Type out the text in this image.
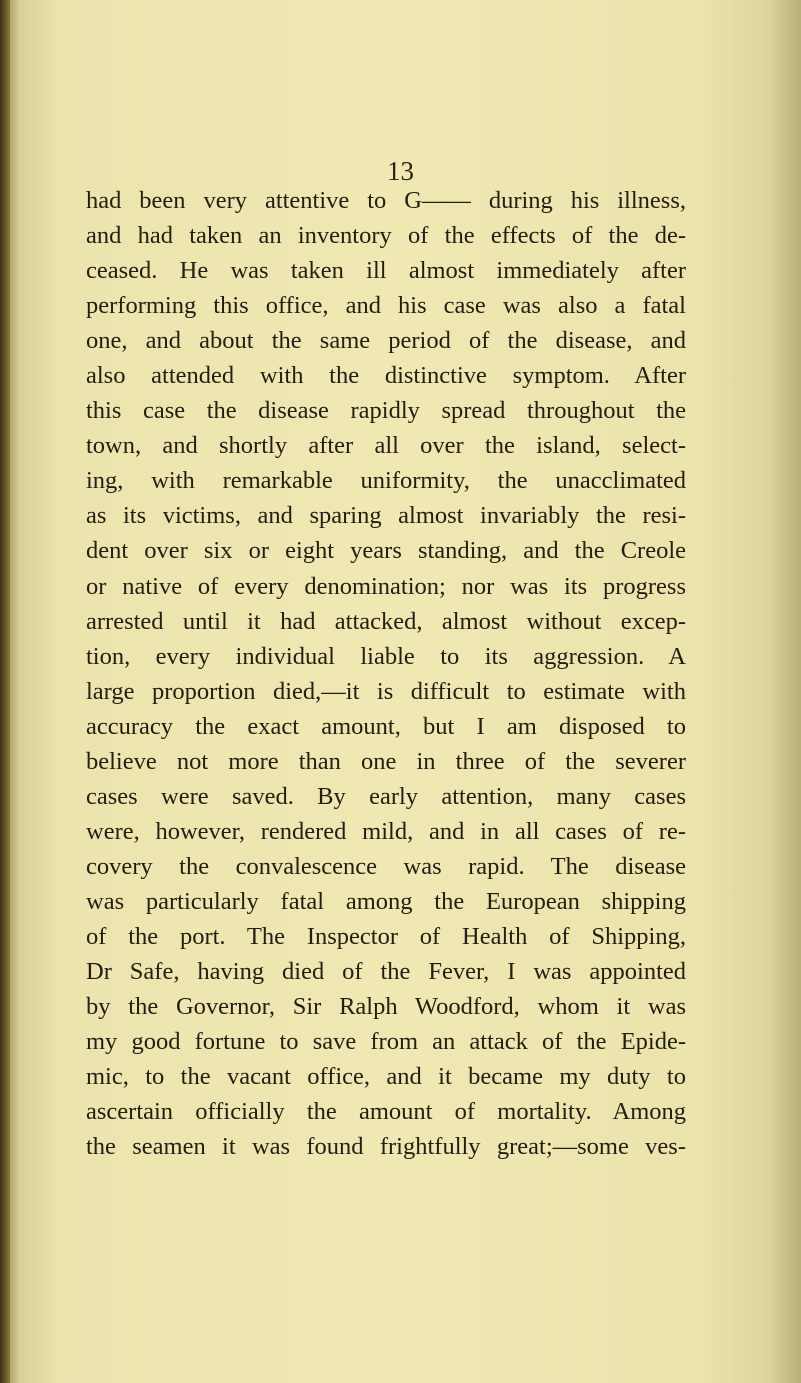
13
had been very attentive to G—— during his illness,
and had taken an inventory of the effects of the de-
ceased. He was taken ill almost immediately after
performing this office, and his case was also a fatal
one, and about the same period of the disease, and
also attended with the distinctive symptom. After
this case the disease rapidly spread throughout the
town, and shortly after all over the island, select-
ing, with remarkable uniformity, the unacclimated
as its victims, and sparing almost invariably the resi-
dent over six or eight years standing, and the Creole
or native of every denomination; nor was its progress
arrested until it had attacked, almost without excep-
tion, every individual liable to its aggression. A
large proportion died,—it is difficult to estimate with
accuracy the exact amount, but I am disposed to
believe not more than one in three of the severer
cases were saved. By early attention, many cases
were, however, rendered mild, and in all cases of re-
covery the convalescence was rapid. The disease
was particularly fatal among the European shipping
of the port. The Inspector of Health of Shipping,
Dr Safe, having died of the Fever, I was appointed
by the Governor, Sir Ralph Woodford, whom it was
my good fortune to save from an attack of the Epide-
mic, to the vacant office, and it became my duty to
ascertain officially the amount of mortality. Among
the seamen it was found frightfully great;—some ves-
